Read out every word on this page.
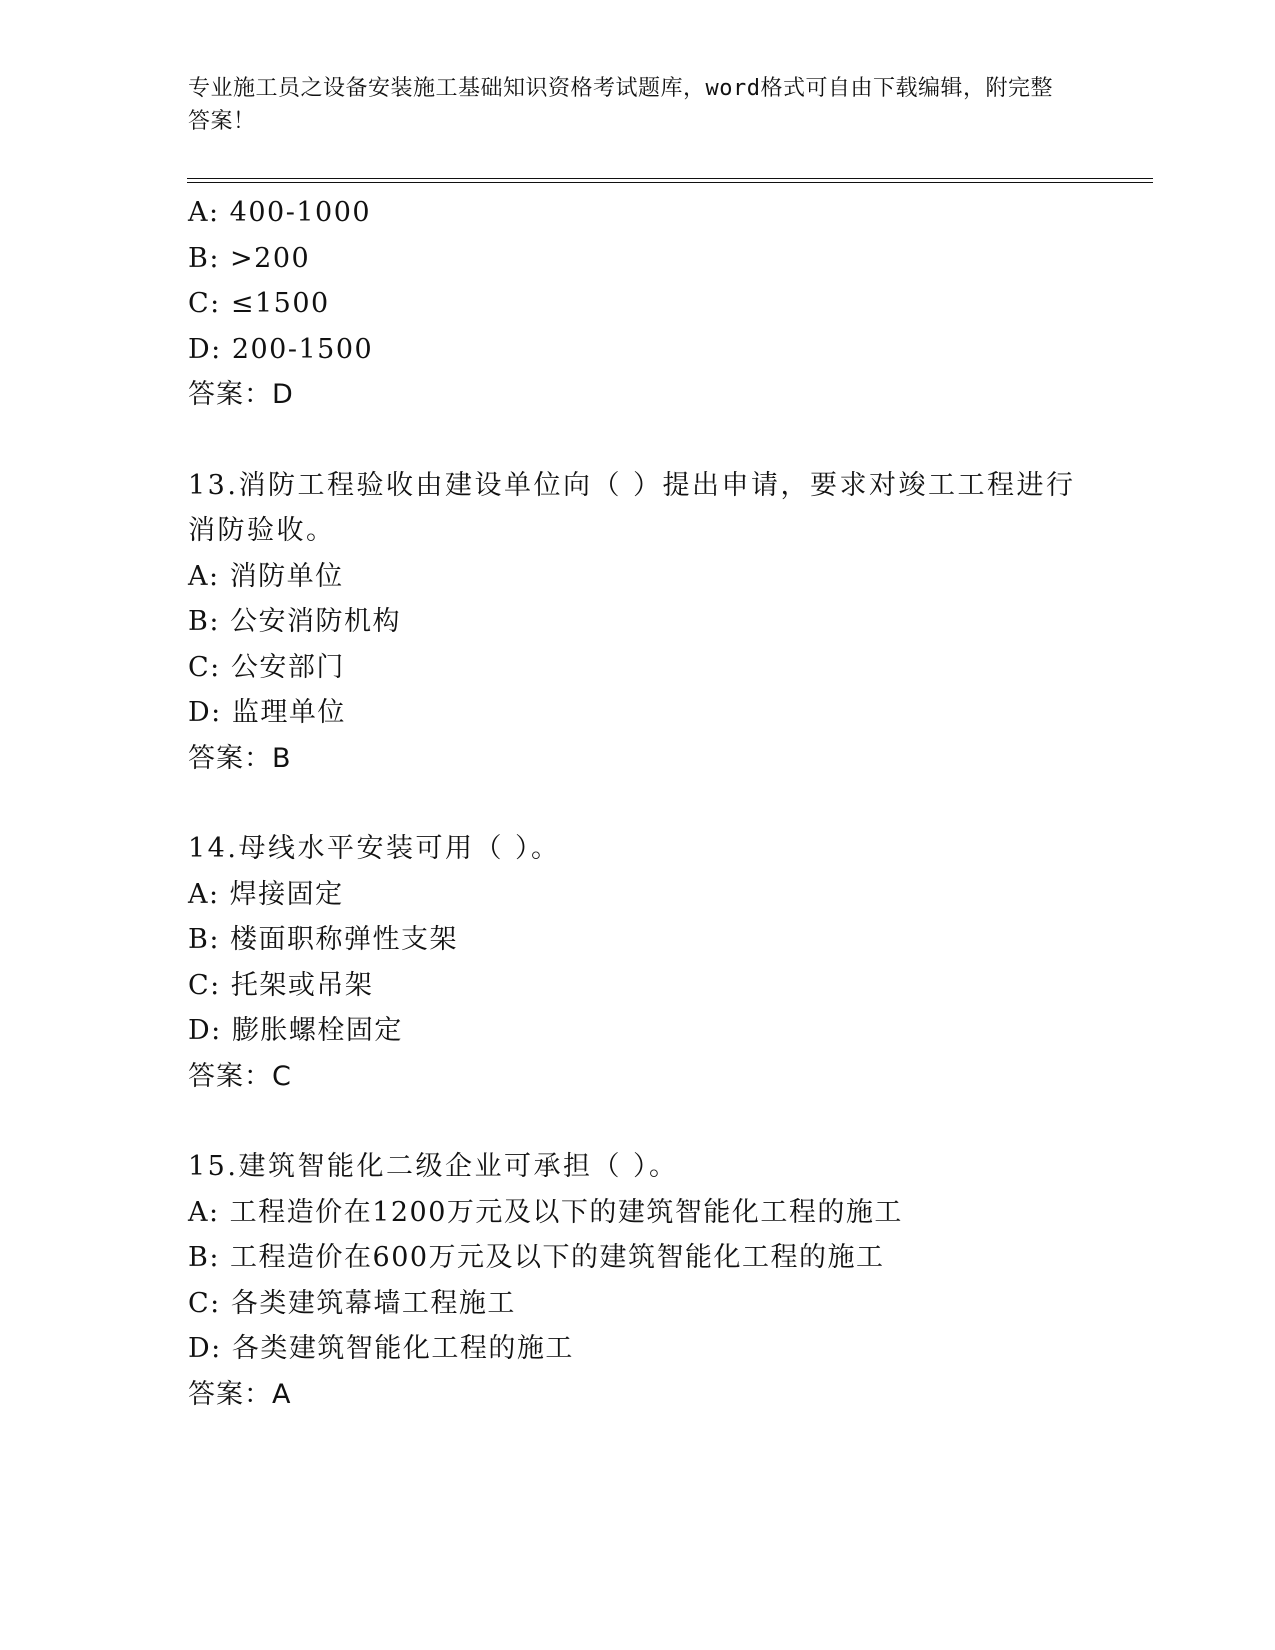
专业施工员之设备安装施工基础知识资格考试题库，word格式可自由下载编辑，附完整答案！
A: 400-1000
B: >200
C: ≤1500
D: 200-1500
答案：D
13.消防工程验收由建设单位向（ ）提出申请，要求对竣工工程进行
消防验收。
A: 消防单位
B: 公安消防机构
C: 公安部门
D: 监理单位
答案：B
14.母线水平安装可用（ ）。
A: 焊接固定
B: 楼面职称弹性支架
C: 托架或吊架
D: 膨胀螺栓固定
答案：C
15.建筑智能化二级企业可承担（ ）。
A: 工程造价在1200万元及以下的建筑智能化工程的施工
B: 工程造价在600万元及以下的建筑智能化工程的施工
C: 各类建筑幕墙工程施工
D: 各类建筑智能化工程的施工
答案：A
